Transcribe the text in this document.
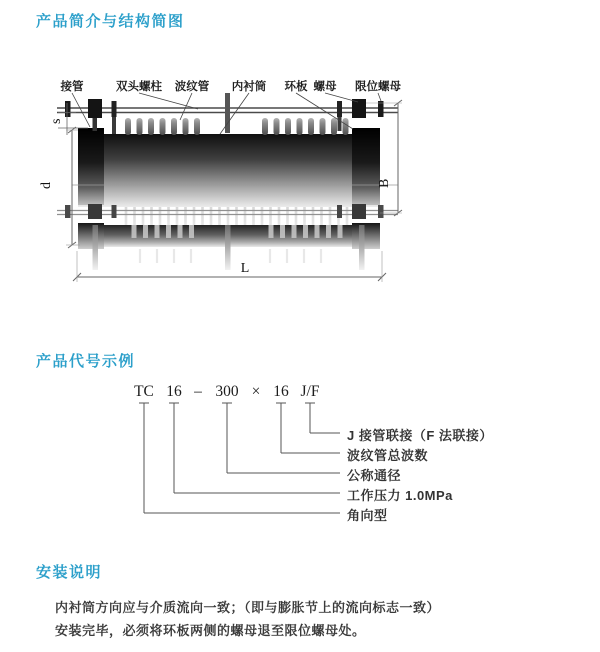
产品简介与结构简图
s
d	B
L
接管	双头螺柱 波纹管 内衬筒 环板 螺母 限位螺母
产品代号示例
TC 16 – 300 × 16 J/F
J 接管联接（F 法联接）
波纹管总波数
公称通径
工作压力 1.0MPa
角向型
安装说明

内衬筒方向应与介质流向一致；（即与膨胀节上的流向标志一致）

安装完毕，必须将环板两侧的螺母退至限位螺母处。
